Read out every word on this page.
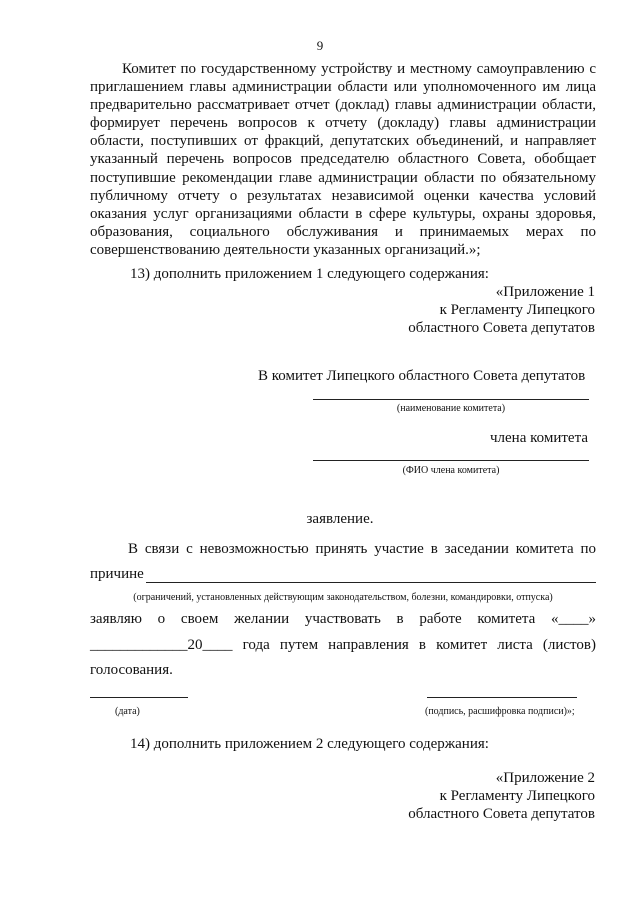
9
Комитет по государственному устройству и местному самоуправлению с
приглашением главы администрации области или уполномоченного им лица
предварительно рассматривает отчет (доклад) главы администрации области,
формирует перечень вопросов к отчету (докладу) главы администрации
области, поступивших от фракций, депутатских объединений, и направляет
указанный перечень вопросов председателю областного Совета, обобщает
поступившие рекомендации главе администрации области по обязательному
публичному отчету о результатах независимой оценки качества условий
оказания услуг организациями области в сфере культуры, охраны здоровья,
образования, социального обслуживания и принимаемых мерах по
совершенствованию деятельности указанных организаций.»;
13) дополнить приложением 1 следующего содержания:
«Приложение 1
к Регламенту Липецкого
областного Совета депутатов
В комитет Липецкого областного Совета депутатов
(наименование комитета)
члена комитета
(ФИО члена комитета)
заявление.
В связи с невозможностью принять участие в заседании комитета по
причине
(ограничений, установленных действующим законодательством, болезни, командировки, отпуска)
заявляю о своем желании участвовать в работе комитета «____»
_____________20____ года путем направления в комитет листа (листов)
голосования.
(дата)	(подпись, расшифровка подписи)»;
14) дополнить приложением 2 следующего содержания:
«Приложение 2
к Регламенту Липецкого
областного Совета депутатов
